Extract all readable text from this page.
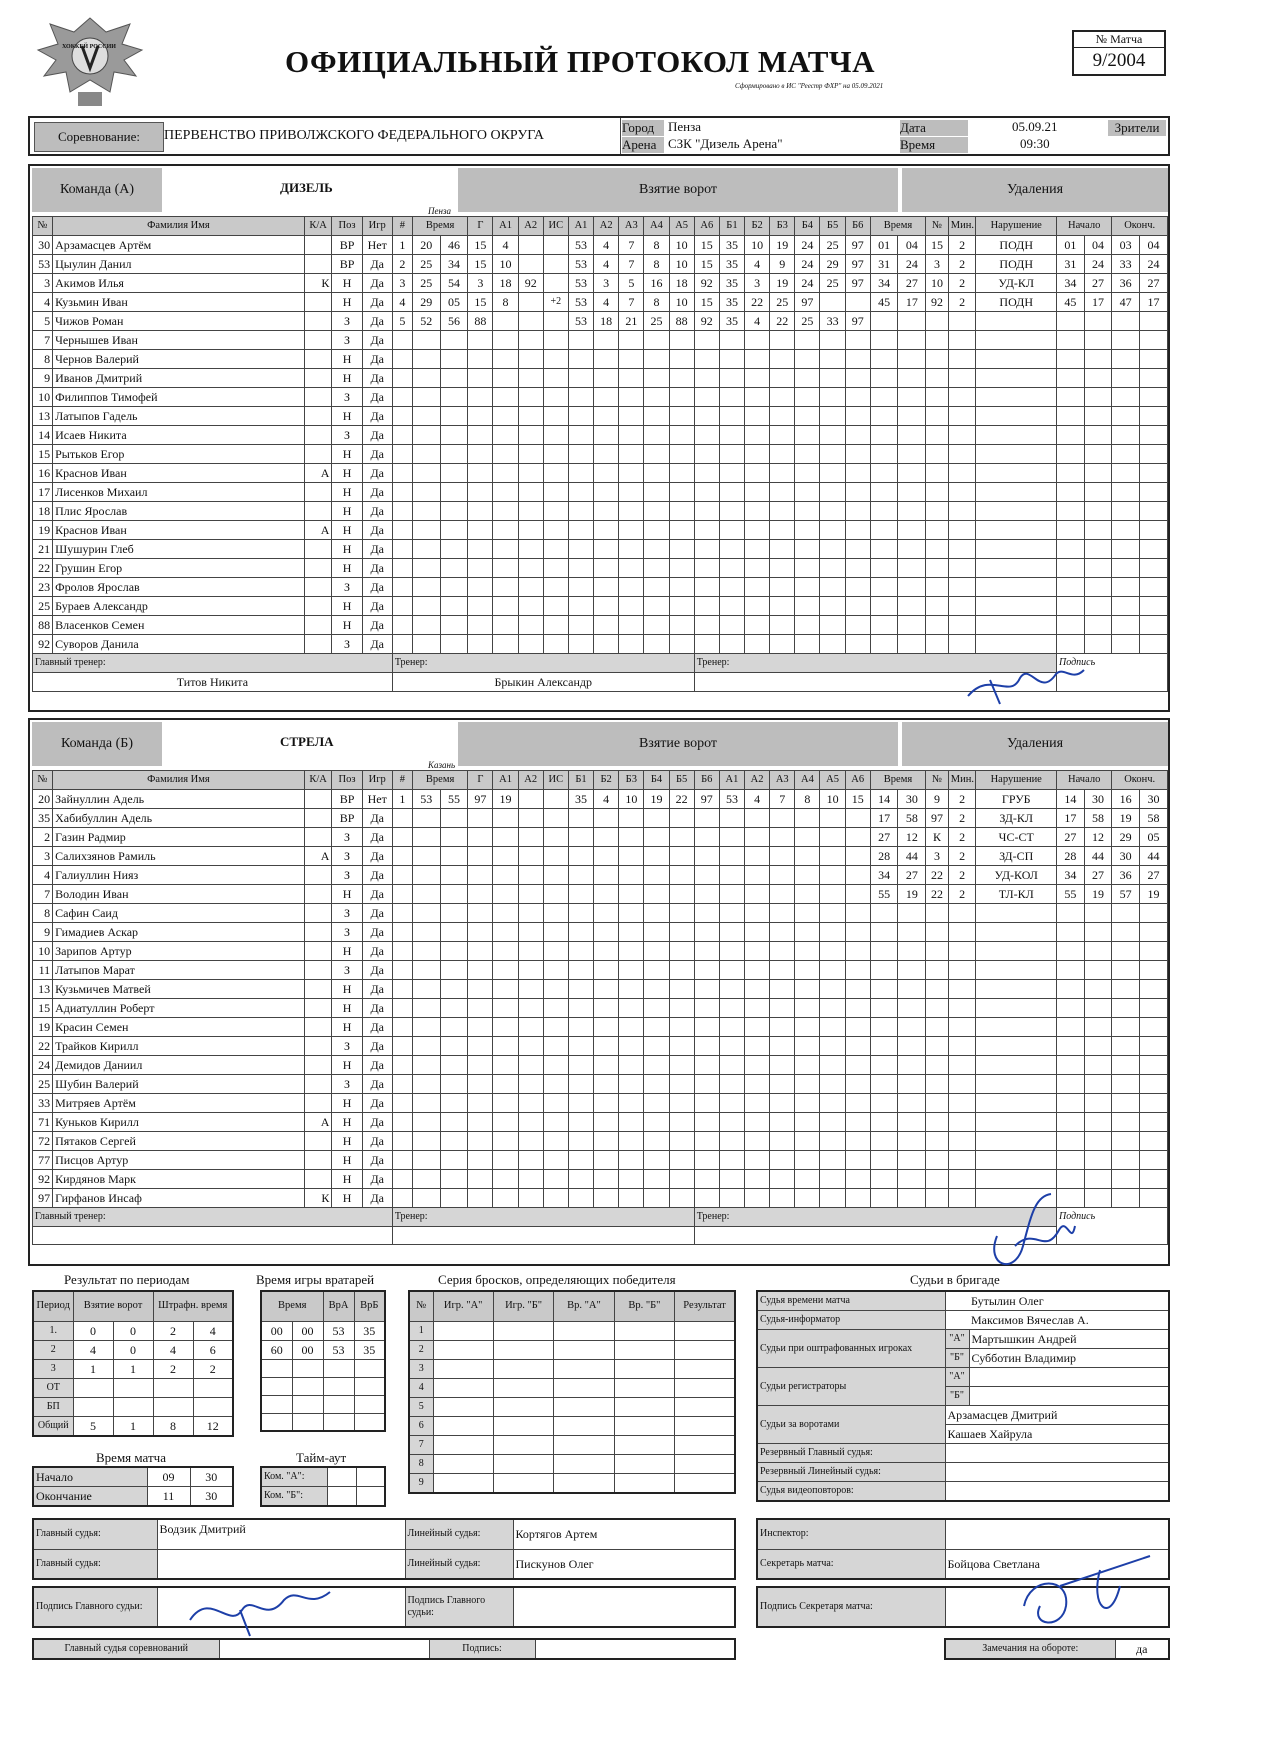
ХОККЕЙ РОССИИ	ОФИЦИАЛЬНЫЙ ПРОТОКОЛ МАТЧА
Сформировано в ИС "Реестр ФХР" на 05.09.2021
№ Матча
9/2004
Соревнование:	ПЕРВЕНСТВО ПРИВОЛЖСКОГО ФЕДЕРАЛЬНОГО ОКРУГА
Город	Пенза
Арена СЗК "Дизель Арена"
Дата	05.09.21
Время	09:30
Зрители
Команда (А)	ДИЗЕЛЬ
Пенза
Взятие ворот	Удаления
№	Фамилия Имя	К/А	Поз	Игр	#	Время		Г	А1	А2	ИС	А1	А2	А3	А4	А5	А6	Б1	Б2	Б3	Б4	Б5	Б6	Время		№	Мин.	Нарушение	Начало		Оконч.	
30	Арзамасцев Артём		ВР	Нет	1	20	46	15	4			53	4	7	8	10	15	35	10	19	24	25	97	01	04	15	2	ПОДН	01	04	03	04
53	Цыулин Данил		ВР	Да	2	25	34	15	10			53	4	7	8	10	15	35	4	9	24	29	97	31	24	3	2	ПОДН	31	24	33	24
3	Акимов Илья	К	Н	Да	3	25	54	3	18	92		53	3	5	16	18	92	35	3	19	24	25	97	34	27	10	2	УД-КЛ	34	27	36	27
4	Кузьмин Иван		Н	Да	4	29	05	15	8		+2	53	4	7	8	10	15	35	22	25	97			45	17	92	2	ПОДН	45	17	47	17
5	Чижов Роман		З	Да	5	52	56	88				53	18	21	25	88	92	35	4	22	25	33	97									
7	Чернышев Иван		З	Да																												
8	Чернов Валерий		Н	Да																												
9	Иванов Дмитрий		Н	Да																												
10	Филиппов Тимофей		З	Да																												
13	Латыпов Гадель		Н	Да																												
14	Исаев Никита		З	Да																												
15	Рытьков Егор		Н	Да																												
16	Краснов Иван	А	Н	Да																												
17	Лисенков Михаил		Н	Да																												
18	Плис Ярослав		Н	Да																												
19	Краснов Иван	А	Н	Да																												
21	Шушурин Глеб		Н	Да																												
22	Грушин Егор		Н	Да																												
23	Фролов Ярослав		З	Да																												
25	Бураев Александр		Н	Да																												
88	Власенков Семен		Н	Да																												
92	Суворов Данила		З	Да																												
Главный тренер:					Тренер:												Тренер:												Подпись			
Титов Никита					Брыкин Александр																											
Команда (Б)	СТРЕЛА
Казань
Взятие ворот	Удаления
№	Фамилия Имя	К/А	Поз	Игр	#	Время		Г	А1	А2	ИС	Б1	Б2	Б3	Б4	Б5	Б6	А1	А2	А3	А4	А5	А6	Время		№	Мин.	Нарушение	Начало		Оконч.	
20	Зайнуллин Адель		ВР	Нет	1	53	55	97	19			35	4	10	19	22	97	53	4	7	8	10	15	14	30	9	2	ГРУБ	14	30	16	30
35	Хабибуллин Адель		ВР	Да																				17	58	97	2	ЗД-КЛ	17	58	19	58
2	Газин Радмир		З	Да																				27	12	К	2	ЧС-СТ	27	12	29	05
3	Салихзянов Рамиль	А	З	Да																				28	44	3	2	ЗД-СП	28	44	30	44
4	Галиуллин Нияз		З	Да																				34	27	22	2	УД-КОЛ	34	27	36	27
7	Володин Иван		Н	Да																				55	19	22	2	ТЛ-КЛ	55	19	57	19
8	Сафин Саид		З	Да																												
9	Гимадиев Аскар		З	Да																												
10	Зарипов Артур		Н	Да																												
11	Латыпов Марат		З	Да																												
13	Кузьмичев Матвей		Н	Да																												
15	Адиатуллин Роберт		Н	Да																												
19	Красин Семен		Н	Да																												
22	Трайков Кирилл		З	Да																												
24	Демидов Даниил		Н	Да																												
25	Шубин Валерий		З	Да																												
33	Митряев Артём		Н	Да																												
71	Куньков Кирилл	А	Н	Да																												
72	Пятаков Сергей		Н	Да																												
77	Писцов Артур		Н	Да																												
92	Кирдянов Марк		Н	Да																												
97	Гирфанов Инсаф	К	Н	Да																												
Главный тренер:					Тренер:												Тренер:												Подпись			

Результат по периодам	Время игры вратарей	Серия бросков, определяющих победителя	Судьи в бригаде
Период	Взятие ворот		Штрафн. время	
1.	0	0	2	4
2	4	0	4	6
3	1	1	2	2
ОТ				
БП				
Общий	5	1	8	12
Время		ВрА	ВрБ
00	00	53	35
60	00	53	35

Время матча
Начало	09	30
Окончание	11	30
Тайм-аут
Ком. "А":		
Ком. "Б":		
№	Игр. "А"	Игр. "Б"	Вр. "А"	Вр. "Б"	Результат
1					
2					
3					
4					
5					
6					
7					
8					
9					
Судья времени матча		Бутылин Олег
Судья-информатор		Максимов Вячеслав А.
Судьи при оштрафованных игроках	"А"	Мартышкин Андрей
	"Б"	Субботин Владимир
Судьи регистраторы	"А"	
	"Б"	
Судьи за воротами	Арзамасцев Дмитрий	
	Кашаев Хайрула	
Резервный Главный судья:		
Резервный Линейный судья:		
Судья видеоповторов:		
Главный судья:	Водзик Дмитрий	Линейный судья:	Кортягов Артем
Главный судья:		Линейный судья:	Пискунов Олег
Подпись Главного судьи:		Подпись Главного судьи:	
Инспектор:	
Секретарь матча:	Бойцова Светлана
Подпись Секретаря матча:	
Главный судья соревнований			Подпись:		Замечания на обороте:	да
